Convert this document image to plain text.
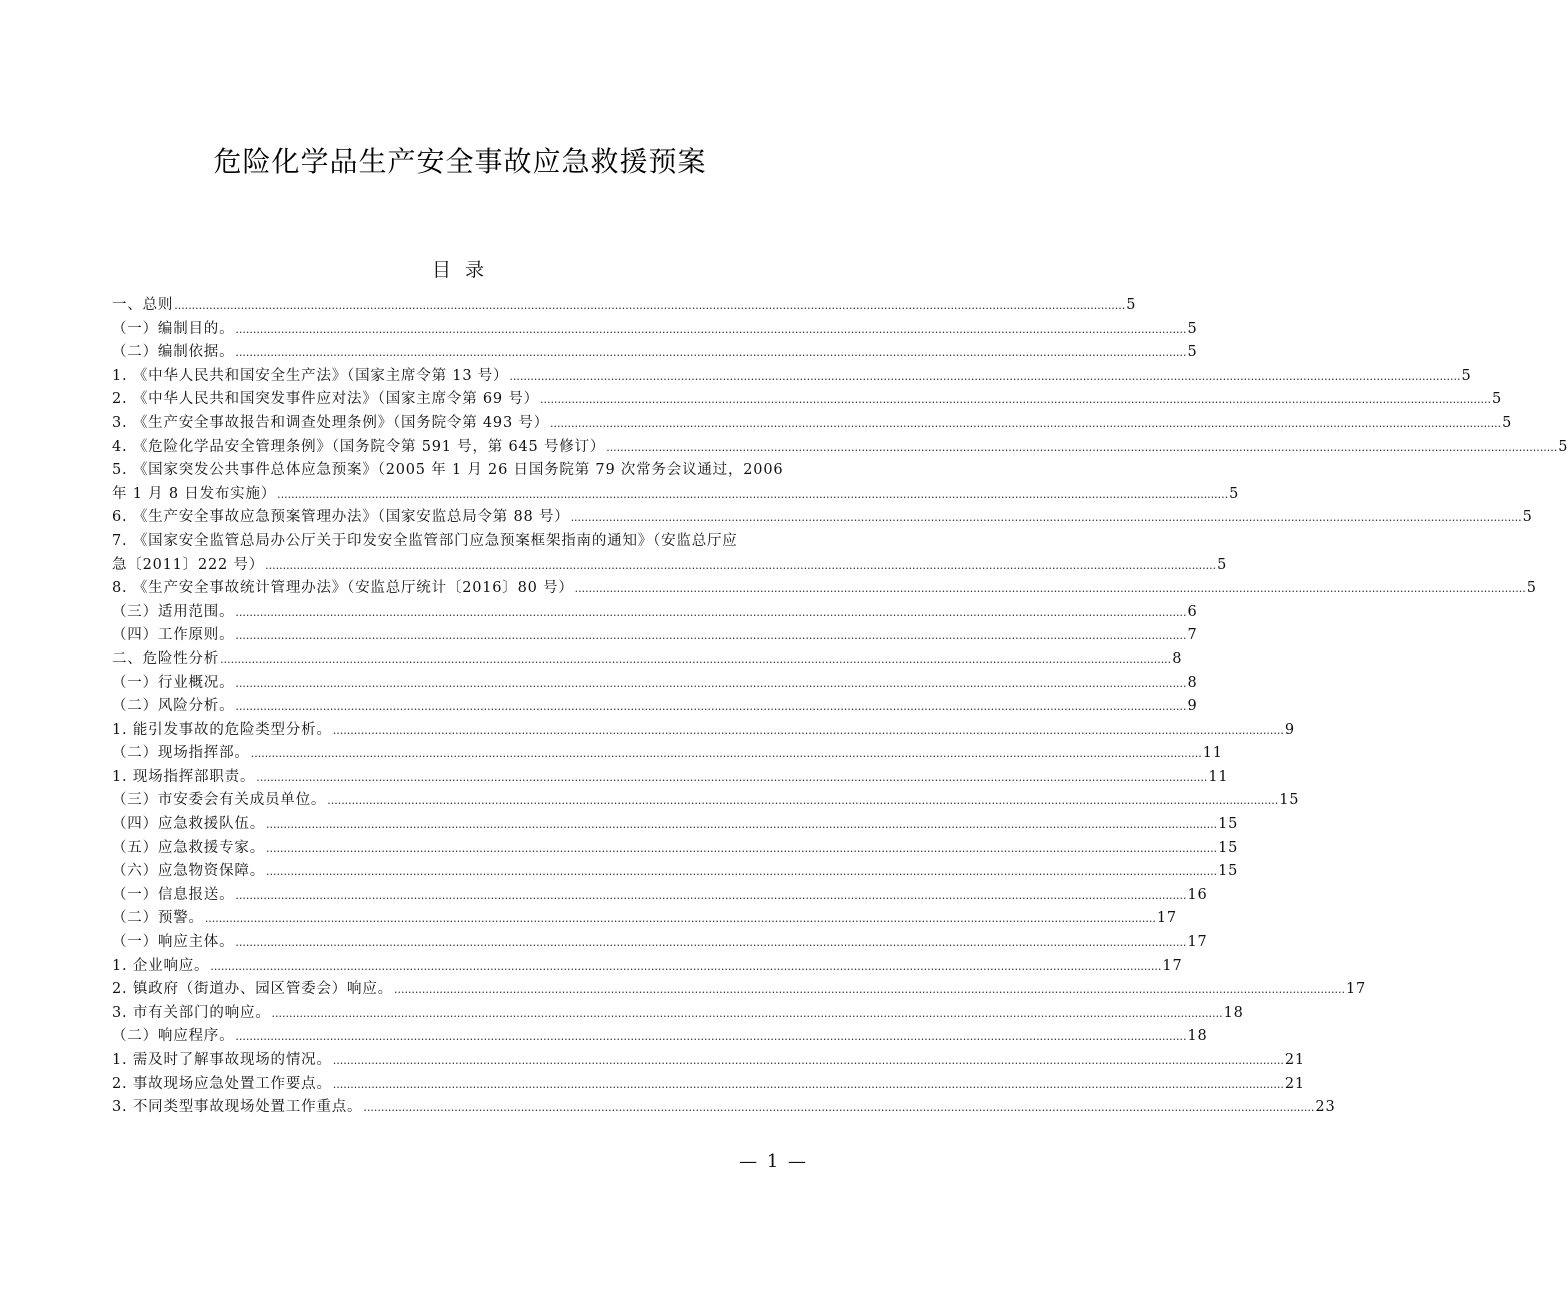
危险化学品生产安全事故应急救援预案
目 录
一、总则 .....	5
（一）编制目的。 .....	5
（二）编制依据。 .....	5
1. 《中华人民共和国安全生产法》（国家主席令第 13 号） .....	5
2. 《中华人民共和国突发事件应对法》（国家主席令第 69 号） .....	5
3. 《生产安全事故报告和调查处理条例》（国务院令第 493 号） .....	5
4. 《危险化学品安全管理条例》（国务院令第 591 号，第 645 号修订） .....	5
5. 《国家突发公共事件总体应急预案》（2005 年 1 月 26 日国务院第 79 次常务会议通过，2006
年 1 月 8 日发布实施） .....	5
6. 《生产安全事故应急预案管理办法》（国家安监总局令第 88 号） .....	5
7. 《国家安全监管总局办公厅关于印发安全监管部门应急预案框架指南的通知》（安监总厅应
急〔2011〕222 号） .....	5
8. 《生产安全事故统计管理办法》（安监总厅统计〔2016〕80 号） .....	5
（三）适用范围。 .....	6
（四）工作原则。 .....	7
二、危险性分析 .....	8
（一）行业概况。 .....	8
（二）风险分析。 .....	9
1. 能引发事故的危险类型分析。 .....	9
（二）现场指挥部。 .....	11
1. 现场指挥部职责。 .....	11
（三）市安委会有关成员单位。 .....	15
（四）应急救援队伍。 .....	15
（五）应急救援专家。 .....	15
（六）应急物资保障。 .....	15
（一）信息报送。 .....	16
（二）预警。 .....	17
（一）响应主体。 .....	17
1. 企业响应。 .....	17
2. 镇政府（街道办、园区管委会）响应。 .....	17
3. 市有关部门的响应。 .....	18
（二）响应程序。 .....	18
1. 需及时了解事故现场的情况。 .....	21
2. 事故现场应急处置工作要点。 .....	21
3. 不同类型事故现场处置工作重点。 .....	23
— 1 —
